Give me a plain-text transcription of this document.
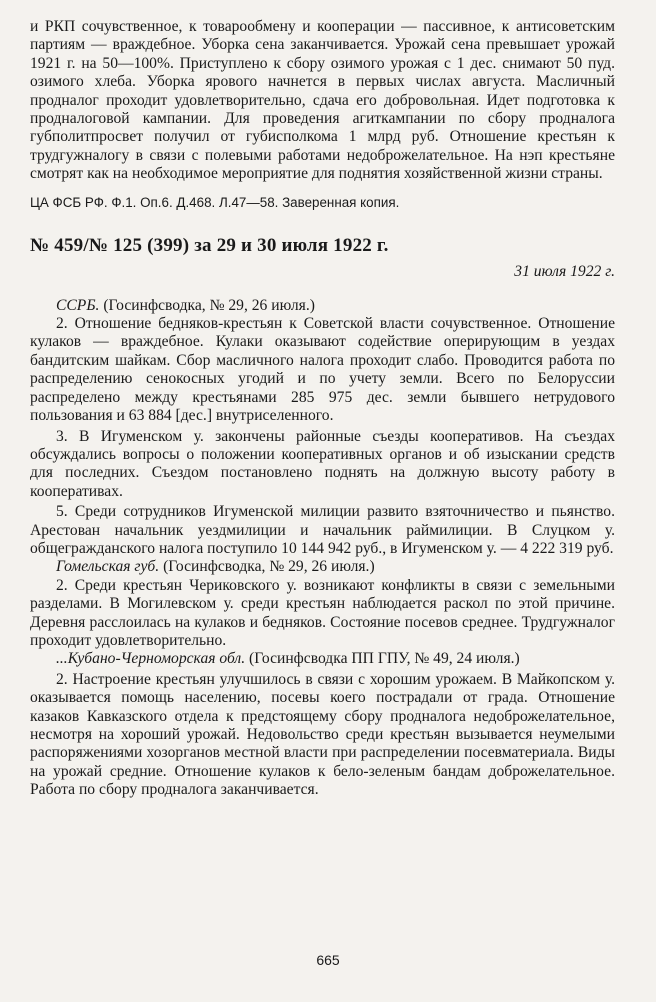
и РКП сочувственное, к товарообмену и кооперации — пассивное, к антисоветским партиям — враждебное. Уборка сена заканчивается. Урожай сена превышает урожай 1921 г. на 50—100%. Приступлено к сбору озимого урожая с 1 дес. снимают 50 пуд. озимого хлеба. Уборка ярового начнется в первых числах августа. Масличный продналог проходит удовлетворительно, сдача его добровольная. Идет подготовка к продналоговой кампании. Для проведения агиткампании по сбору продналога губполитпросвет получил от губисполкома 1 млрд руб. Отношение крестьян к трудгужналогу в связи с полевыми работами недоброжелательное. На нэп крестьяне смотрят как на необходимое мероприятие для поднятия хозяйственной жизни страны.

ЦА ФСБ РФ. Ф.1. Оп.6. Д.468. Л.47—58. Заверенная копия.
№ 459/№ 125 (399) за 29 и 30 июля 1922 г.
31 июля 1922 г.

ССРБ. (Госинфсводка, № 29, 26 июля.)

2. Отношение бедняков-крестьян к Советской власти сочувственное. Отношение кулаков — враждебное. Кулаки оказывают содействие оперирующим в уездах бандитским шайкам. Сбор масличного налога проходит слабо. Проводится работа по распределению сенокосных угодий и по учету земли. Всего по Белоруссии распределено между крестьянами 285 975 дес. земли бывшего нетрудового пользования и 63 884 [дес.] внутриселенного.

3. В Игуменском у. закончены районные съезды кооперативов. На съездах обсуждались вопросы о положении кооперативных органов и об изыскании средств для последних. Съездом постановлено поднять на должную высоту работу в кооперативах.

5. Среди сотрудников Игуменской милиции развито взяточничество и пьянство. Арестован начальник уездмилиции и начальник раймилиции. В Слуцком у. общегражданского налога поступило 10 144 942 руб., в Игуменском у. — 4 222 319 руб.

Гомельская губ. (Госинфсводка, № 29, 26 июля.)

2. Среди крестьян Чериковского у. возникают конфликты в связи с земельными разделами. В Могилевском у. среди крестьян наблюдается раскол по этой причине. Деревня расслоилась на кулаков и бедняков. Состояние посевов среднее. Трудгужналог проходит удовлетворительно.

...Кубано-Черноморская обл. (Госинфсводка ПП ГПУ, № 49, 24 июля.)

2. Настроение крестьян улучшилось в связи с хорошим урожаем. В Майкопском у. оказывается помощь населению, посевы коего пострадали от града. Отношение казаков Кавказского отдела к предстоящему сбору продналога недоброжелательное, несмотря на хороший урожай. Недовольство среди крестьян вызывается неумелыми распоряжениями хозорганов местной власти при распределении посевматериала. Виды на урожай средние. Отношение кулаков к бело-зеленым бандам доброжелательное. Работа по сбору продналога заканчивается.

665
